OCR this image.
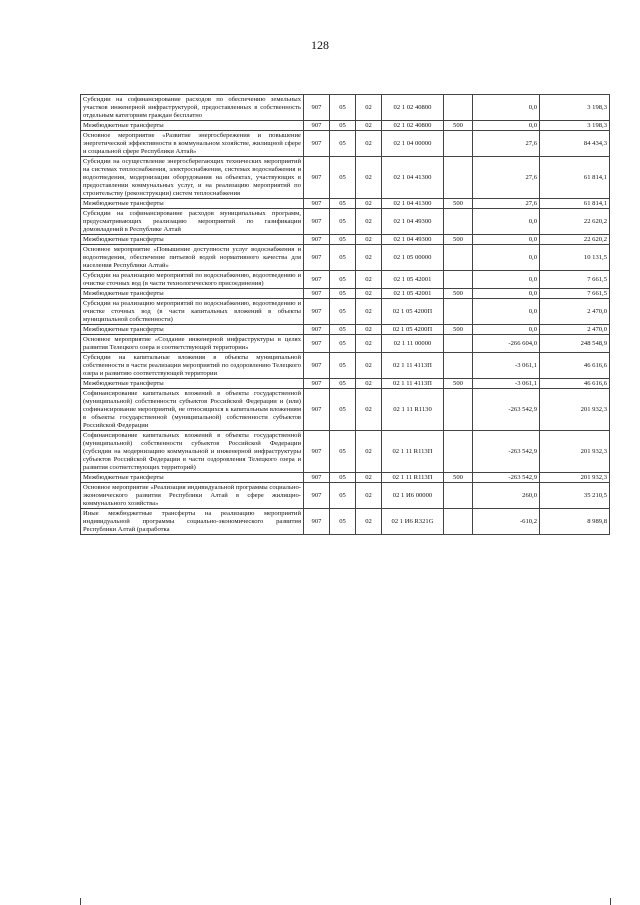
128
Субсидии на софинансирование расходов по обеспечению земельных участков инженерной инфраструктурой, предоставленных в собственность отдельным категориям граждан бесплатно	907	05	02	02 1 02 40800		0,0	3 198,3
Межбюджетные трансферты	907	05	02	02 1 02 40800	500	0,0	3 198,3
Основное мероприятие «Развитие энергосбережения и повышение энергетической эффективности в коммунальном хозяйстве, жилищной сфере и социальной сфере Республики Алтай»	907	05	02	02 1 04 00000		27,6	84 434,3
Субсидии на осуществление энергосберегающих технических мероприятий на системах теплоснабжения, электроснабжения, системах водоснабжения и водоотведения, модернизации оборудования на объектах, участвующих в предоставлении коммунальных услуг, и на реализацию мероприятий по строительству (реконструкции) систем теплоснабжения	907	05	02	02 1 04 41300		27,6	61 814,1
Межбюджетные трансферты	907	05	02	02 1 04 41300	500	27,6	61 814,1
Субсидии на софинансирование расходов муниципальных программ, предусматривающих реализацию мероприятий по газификации домовладений в Республике Алтай	907	05	02	02 1 04 49300		0,0	22 620,2
Межбюджетные трансферты	907	05	02	02 1 04 49300	500	0,0	22 620,2
Основное мероприятие «Повышение доступности услуг водоснабжения и водоотведения, обеспечение питьевой водой нормативного качества для населения Республики Алтай»	907	05	02	02 1 05 00000		0,0	10 131,5
Субсидии на реализацию мероприятий по водоснабжению, водоотведению и очистке сточных вод (в части технологического присоединения)	907	05	02	02 1 05 42001		0,0	7 661,5
Межбюджетные трансферты	907	05	02	02 1 05 42001	500	0,0	7 661,5
Субсидии на реализацию мероприятий по водоснабжению, водоотведению и очистке сточных вод (в части капитальных вложений в объекты муниципальной собственности)	907	05	02	02 1 05 4200П		0,0	2 470,0
Межбюджетные трансферты	907	05	02	02 1 05 4200П	500	0,0	2 470,0
Основное мероприятие «Создание инженерной инфраструктуры в целях развития Телецкого озера и соответствующей территории»	907	05	02	02 1 11 00000		-266 604,0	248 548,9
Субсидии на капитальные вложения в объекты муниципальной собственности в части реализации мероприятий по оздоровлению Телецкого озера и развитию соответствующей территории	907	05	02	02 1 11 4113П		-3 061,1	46 616,6
Межбюджетные трансферты	907	05	02	02 1 11 4113П	500	-3 061,1	46 616,6
Софинансирование капитальных вложений в объекты государственной (муниципальной) собственности субъектов Российской Федерации и (или) софинансирование мероприятий, не относящихся к капитальным вложениям в объекты государственной (муниципальной) собственности субъектов Российской Федерации	907	05	02	02 1 11 R1130		-263 542,9	201 932,3
Софинансирование капитальных вложений в объекты государственной (муниципальной) собственности субъектов Российской Федерации (субсидии на модернизацию коммунальной и инженерной инфраструктуры субъектов Российской Федерации в части оздоровления Телецкого озера и развития соответствующих территорий)	907	05	02	02 1 11 R113П		-263 542,9	201 932,3
Межбюджетные трансферты	907	05	02	02 1 11 R113П	500	-263 542,9	201 932,3
Основное мероприятие «Реализация индивидуальной программы социально-экономического развития Республики Алтай в сфере жилищно-коммунального хозяйства»	907	05	02	02 1 И6 00000		260,0	35 210,5
Иные межбюджетные трансферты на реализацию мероприятий индивидуальной программы социально-экономического развития Республики Алтай (разработка	907	05	02	02 1 И6 R321G		-610,2	8 989,8
